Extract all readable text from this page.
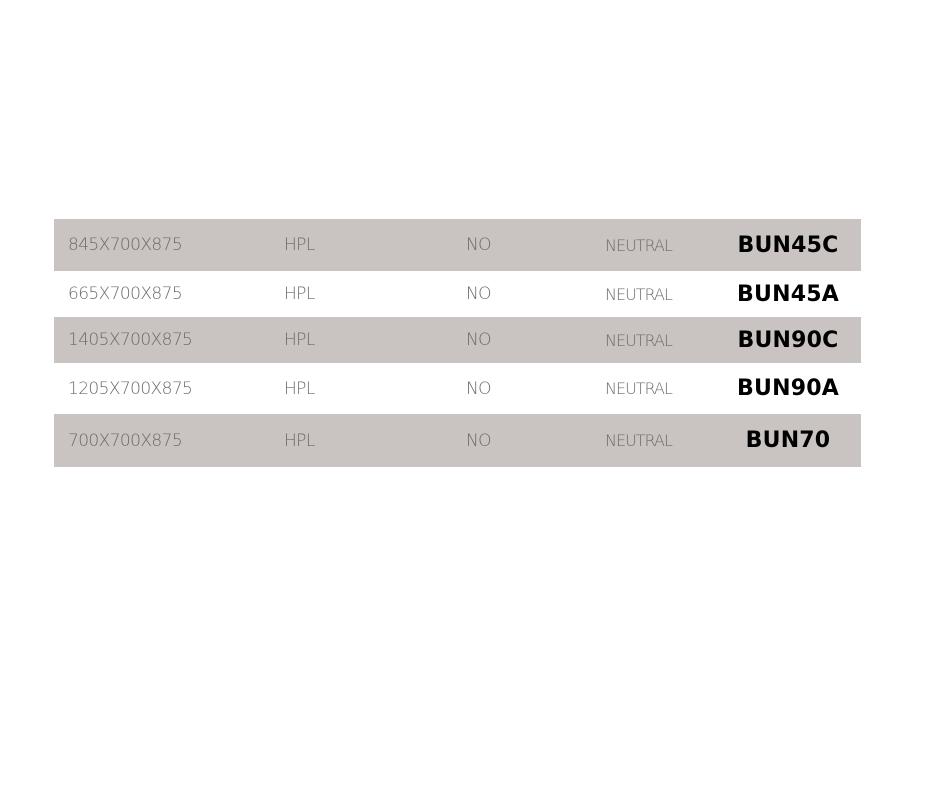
845X700X875	HPL	NO	NEUTRAL	BUN45C
665X700X875	HPL	NO	NEUTRAL	BUN45A
1405X700X875	HPL	NO	NEUTRAL	BUN90C
1205X700X875	HPL	NO	NEUTRAL	BUN90A
700X700X875	HPL	NO	NEUTRAL	BUN70
